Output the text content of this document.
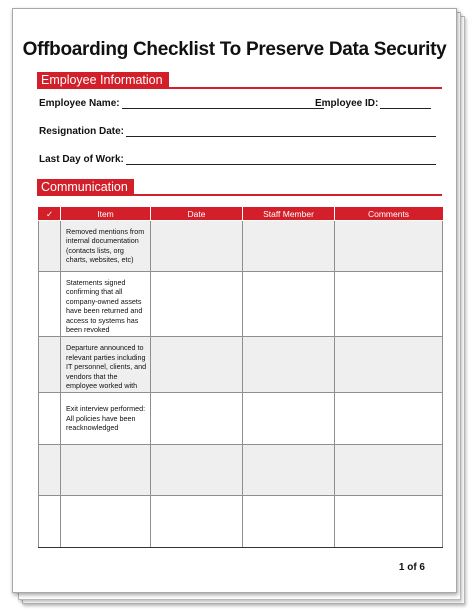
Offboarding Checklist To Preserve Data Security
Employee Information
Employee Name:	Employee ID:
Resignation Date:
Last Day of Work:
Communication
✓	Item	Date	Staff Member	Comments
	Removed mentions from internal documentation (contacts lists, org charts, websites, etc)			
	Statements signed confirming that all company-owned assets have been returned and access to systems has been revoked			
	Departure announced to relevant parties including IT personnel, clients, and vendors that the employee worked with			
	Exit interview performed: All policies have been reacknowledged			

1 of 6
